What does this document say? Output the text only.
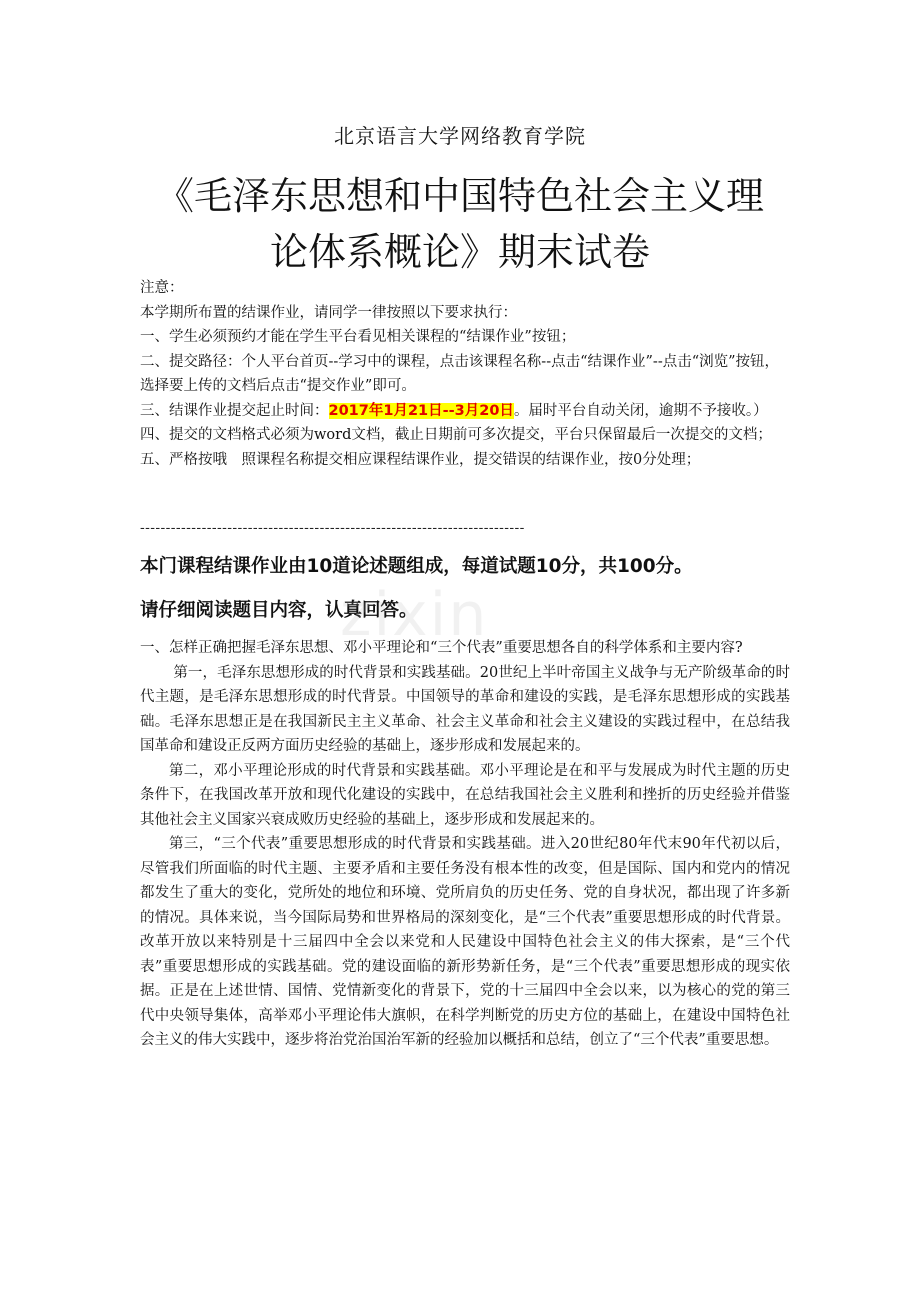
北京语言大学网络教育学院
《毛泽东思想和中国特色社会主义理论体系概论》期末试卷

注意：

本学期所布置的结课作业，请同学一律按照以下要求执行：

一、学生必须预约才能在学生平台看见相关课程的“结课作业”按钮；

二、提交路径：个人平台首页--学习中的课程，点击该课程名称--点击“结课作业”--点击“浏览”按钮，选择要上传的文档后点击“提交作业”即可。

三、结课作业提交起止时间：2017年1月21日--3月20日。届时平台自动关闭，逾期不予接收。）

四、提交的文档格式必须为word文档，截止日期前可多次提交，平台只保留最后一次提交的文档；

五、严格按哦　照课程名称提交相应课程结课作业，提交错误的结课作业，按0分处理；

---------------------------------------------------------------------------

本门课程结课作业由10道论述题组成，每道试题10分，共100分。

请仔细阅读题目内容，认真回答。

zixin

一、怎样正确把握毛泽东思想、邓小平理论和“三个代表”重要思想各自的科学体系和主要内容?

第一，毛泽东思想形成的时代背景和实践基础。20世纪上半叶帝国主义战争与无产阶级革命的时代主题，是毛泽东思想形成的时代背景。中国领导的革命和建设的实践，是毛泽东思想形成的实践基础。毛泽东思想正是在我国新民主主义革命、社会主义革命和社会主义建设的实践过程中，在总结我国革命和建设正反两方面历史经验的基础上，逐步形成和发展起来的。

第二，邓小平理论形成的时代背景和实践基础。邓小平理论是在和平与发展成为时代主题的历史条件下，在我国改革开放和现代化建设的实践中，在总结我国社会主义胜利和挫折的历史经验并借鉴其他社会主义国家兴衰成败历史经验的基础上，逐步形成和发展起来的。

第三，“三个代表”重要思想形成的时代背景和实践基础。进入20世纪80年代末90年代初以后，尽管我们所面临的时代主题、主要矛盾和主要任务没有根本性的改变，但是国际、国内和党内的情况都发生了重大的变化，党所处的地位和环境、党所肩负的历史任务、党的自身状况，都出现了许多新的情况。具体来说，当今国际局势和世界格局的深刻变化，是“三个代表”重要思想形成的时代背景。改革开放以来特别是十三届四中全会以来党和人民建设中国特色社会主义的伟大探索，是“三个代表”重要思想形成的实践基础。党的建设面临的新形势新任务，是“三个代表”重要思想形成的现实依据。正是在上述世情、国情、党情新变化的背景下，党的十三届四中全会以来，以为核心的党的第三代中央领导集体，高举邓小平理论伟大旗帜，在科学判断党的历史方位的基础上，在建设中国特色社会主义的伟大实践中，逐步将治党治国治军新的经验加以概括和总结，创立了“三个代表”重要思想。
